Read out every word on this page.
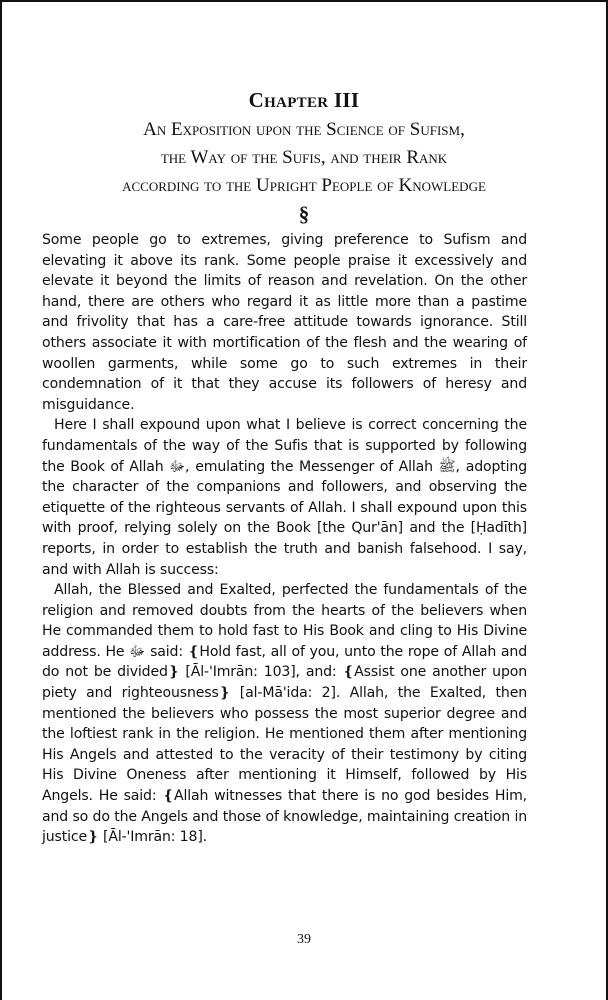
Chapter III
An Exposition upon the Science of Sufism,
the Way of the Sufis, and their Rank
according to the Upright People of Knowledge
§

Some people go to extremes, giving preference to Sufism and elevating it above its rank. Some people praise it excessively and elevate it beyond the limits of reason and revelation. On the other hand, there are others who regard it as little more than a pastime and frivolity that has a care-free attitude towards ignorance. Still others associate it with mortification of the flesh and the wearing of woollen garments, while some go to such extremes in their condemnation of it that they accuse its followers of heresy and misguidance.

Here I shall expound upon what I believe is correct concerning the fundamentals of the way of the Sufis that is supported by following the Book of Allah ﷻ, emulating the Messenger of Allah ﷺ, adopting the character of the companions and followers, and observing the etiquette of the righteous servants of Allah. I shall expound upon this with proof, relying solely on the Book [the Qur'ān] and the [Ḥadīth] reports, in order to establish the truth and banish falsehood. I say, and with Allah is success:

Allah, the Blessed and Exalted, perfected the fundamentals of the religion and removed doubts from the hearts of the believers when He commanded them to hold fast to His Book and cling to His Divine address. He ﷻ said: ❴Hold fast, all of you, unto the rope of Allah and do not be divided❵ [Āl-'Imrān: 103], and: ❴Assist one another upon piety and righteousness❵ [al-Mā'ida: 2]. Allah, the Exalted, then mentioned the believers who possess the most superior degree and the loftiest rank in the religion. He mentioned them after mentioning His Angels and attested to the veracity of their testimony by citing His Divine Oneness after mentioning it Himself, followed by His Angels. He said: ❴Allah witnesses that there is no god besides Him, and so do the Angels and those of knowledge, maintaining creation in justice❵ [Āl-'Imrān: 18].

39
